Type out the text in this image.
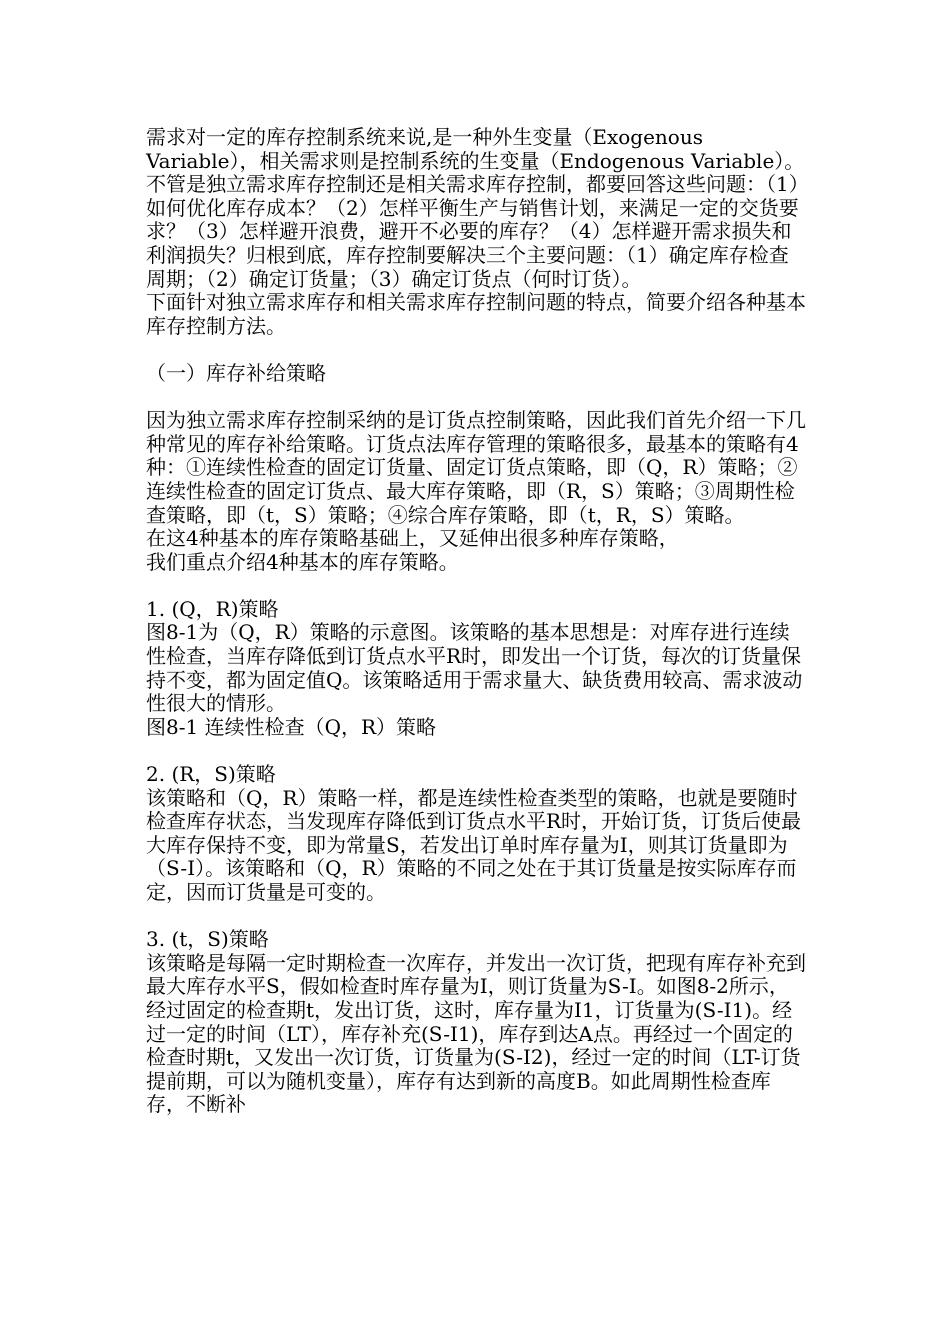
需求对一定的库存控制系统来说,是一种外生变量（Exogenous Variable），相关需求则是控制系统的生变量（Endogenous Variable）。不管是独立需求库存控制还是相关需求库存控制，都要回答这些问题：（1）如何优化库存成本？（2）怎样平衡生产与销售计划，来满足一定的交货要求？（3）怎样避开浪费，避开不必要的库存？（4）怎样避开需求损失和利润损失？归根到底，库存控制要解决三个主要问题：（1）确定库存检查周期；（2）确定订货量；（3）确定订货点（何时订货）。

下面针对独立需求库存和相关需求库存控制问题的特点，简要介绍各种基本库存控制方法。

（一）库存补给策略

因为独立需求库存控制采纳的是订货点控制策略，因此我们首先介绍一下几种常见的库存补给策略。订货点法库存管理的策略很多，最基本的策略有4种：①连续性检查的固定订货量、固定订货点策略，即（Q，R）策略；②连续性检查的固定订货点、最大库存策略，即（R，S）策略；③周期性检查策略，即（t，S）策略；④综合库存策略，即（t，R，S）策略。

在这4种基本的库存策略基础上，又延伸出很多种库存策略，

我们重点介绍4种基本的库存策略。

1. (Q，R)策略

图8-1为（Q，R）策略的示意图。该策略的基本思想是：对库存进行连续性检查，当库存降低到订货点水平R时，即发出一个订货，每次的订货量保持不变，都为固定值Q。该策略适用于需求量大、缺货费用较高、需求波动性很大的情形。

图8-1 连续性检查（Q，R）策略

2. (R，S)策略

该策略和（Q，R）策略一样，都是连续性检查类型的策略，也就是要随时检查库存状态，当发现库存降低到订货点水平R时，开始订货，订货后使最大库存保持不变，即为常量S，若发出订单时库存量为I，则其订货量即为（S-I）。该策略和（Q，R）策略的不同之处在于其订货量是按实际库存而定，因而订货量是可变的。

3. (t，S)策略

该策略是每隔一定时期检查一次库存，并发出一次订货，把现有库存补充到最大库存水平S，假如检查时库存量为I，则订货量为S-I。如图8-2所示，经过固定的检查期t，发出订货，这时，库存量为I1，订货量为(S-I1)。经过一定的时间（LT），库存补充(S-I1)，库存到达A点。再经过一个固定的检查时期t，又发出一次订货，订货量为(S-I2)，经过一定的时间（LT-订货提前期，可以为随机变量），库存有达到新的高度B。如此周期性检查库存，不断补
